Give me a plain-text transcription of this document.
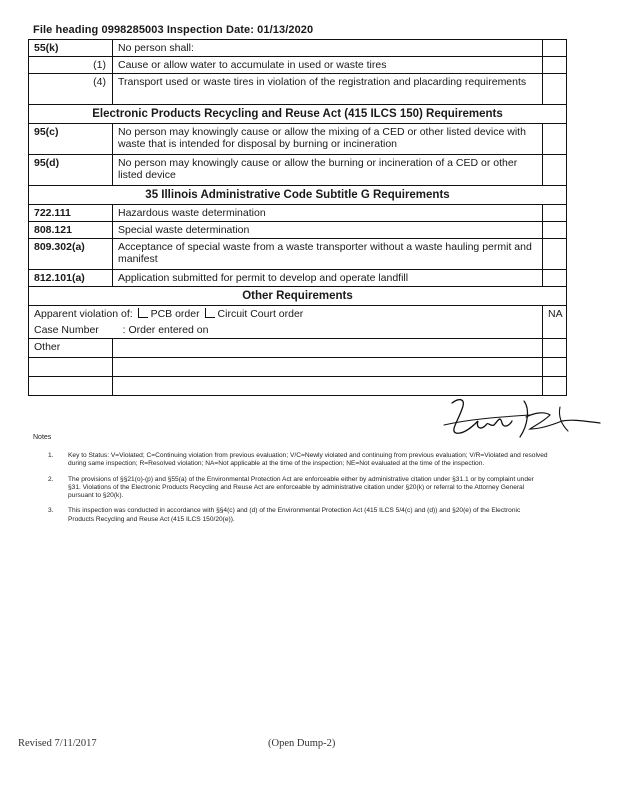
File heading 0998285003 Inspection Date: 01/13/2020
55(k)	No person shall:	
(1)	Cause or allow water to accumulate in used or waste tires	
(4)	Transport used or waste tires in violation of the registration and placarding requirements	
Electronic Products Recycling and Reuse Act (415 ILCS 150) Requirements		
95(c)	No person may knowingly cause or allow the mixing of a CED or other listed device with waste that is intended for disposal by burning or incineration	
95(d)	No person may knowingly cause or allow the burning or incineration of a CED or other listed device	
35 Illinois Administrative Code Subtitle G Requirements		
722.111	Hazardous waste determination	
808.121	Special waste determination	
809.302(a)	Acceptance of special waste from a waste transporter without a waste hauling permit and manifest	
812.101(a)	Application submitted for permit to develop and operate landfill	
Other Requirements		
Apparent violation of: PCB order Circuit Court order		NA
Case Number : Order entered on		
Other		

Notes
1. Key to Status: V=Violated; C=Continuing violation from previous evaluation; V/C=Newly violated and continuing from previous evaluation; V/R=Violated and resolved during same inspection; R=Resolved violation; NA=Not applicable at the time of the inspection; NE=Not evaluated at the time of the inspection.
2. The provisions of §§21(o)-(p) and §55(a) of the Environmental Protection Act are enforceable either by administrative citation under §31.1 or by complaint under §31. Violations of the Electronic Products Recycling and Reuse Act are enforceable by administrative citation under §20(k) or referral to the Attorney General pursuant to §20(k).
3. This inspection was conducted in accordance with §§4(c) and (d) of the Environmental Protection Act (415 ILCS 5/4(c) and (d)) and §20(e) of the Electronic Products Recycling and Reuse Act (415 ILCS 150/20(e)).
Revised 7/11/2017	(Open Dump-2)
